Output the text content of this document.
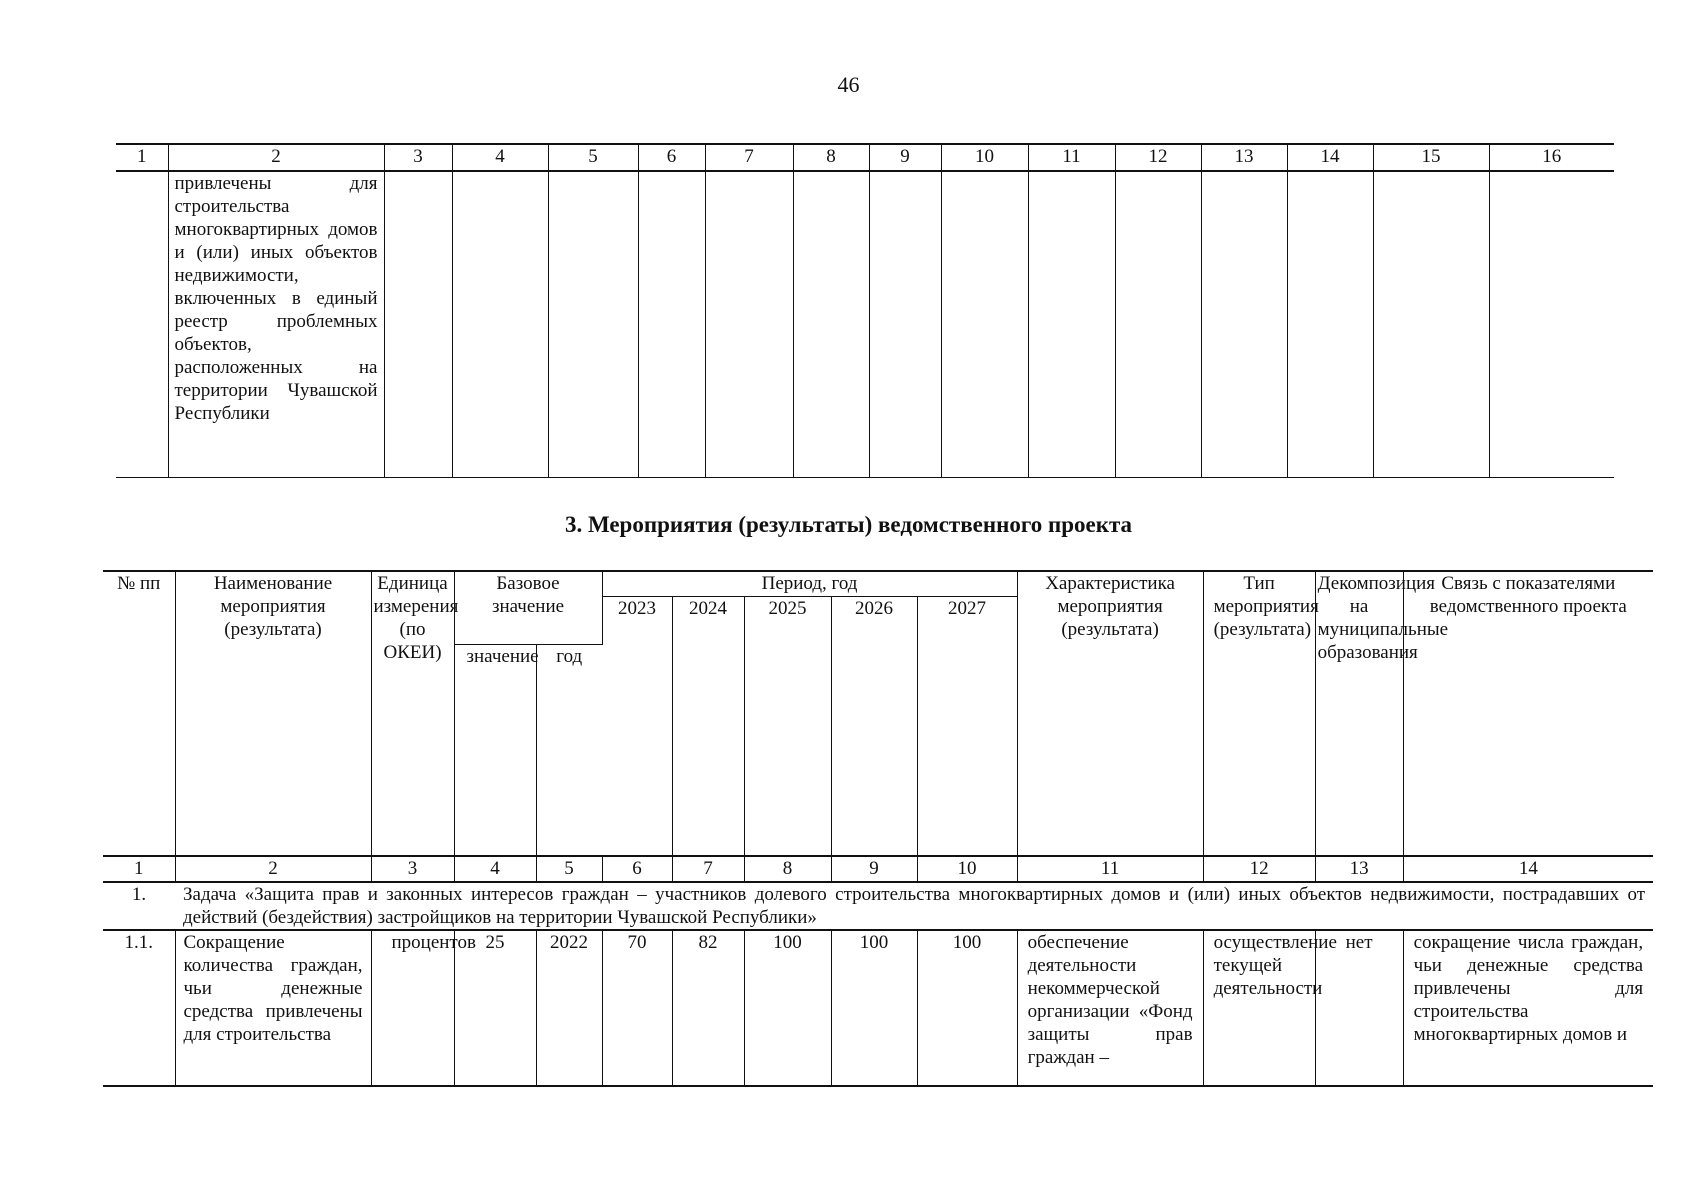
46
1	2	3	4	5	6	7	8	9	10	11	12	13	14	15	16
	привлечены для строительства многоквартирных домов и (или) иных объектов недвижимости, включенных в единый реестр проблемных объектов, расположенных на территории Чувашской Республики														
3. Мероприятия (результаты) ведомственного проекта
№ пп	Наименование мероприятия (результата)	Единица измерения (по ОКЕИ)	Базовое значение		Период, год					Характеристика мероприятия (результата)	Тип мероприятия (результата)	Декомпозиция на муниципальные образования	Связь с показателями ведомственного проекта
					2023	2024	2025	2026	2027				
			значение	год									
1	2	3	4	5	6	7	8	9	10	11	12	13	14
1.	Задача «Защита прав и законных интересов граждан – участников долевого строительства многоквартирных домов и (или) иных объектов недвижимости, пострадавших от действий (бездействия) застройщиков на территории Чувашской Республики»												
1.1.	Сокращение количества граждан, чьи денежные средства привлечены для строительства	процентов	25	2022	70	82	100	100	100	обеспечение деятельности некоммерческой организации «Фонд защиты прав граждан –	осуществление текущей деятельности	нет	сокращение числа граждан, чьи денежные средства привлечены для строительства многоквартирных домов и
